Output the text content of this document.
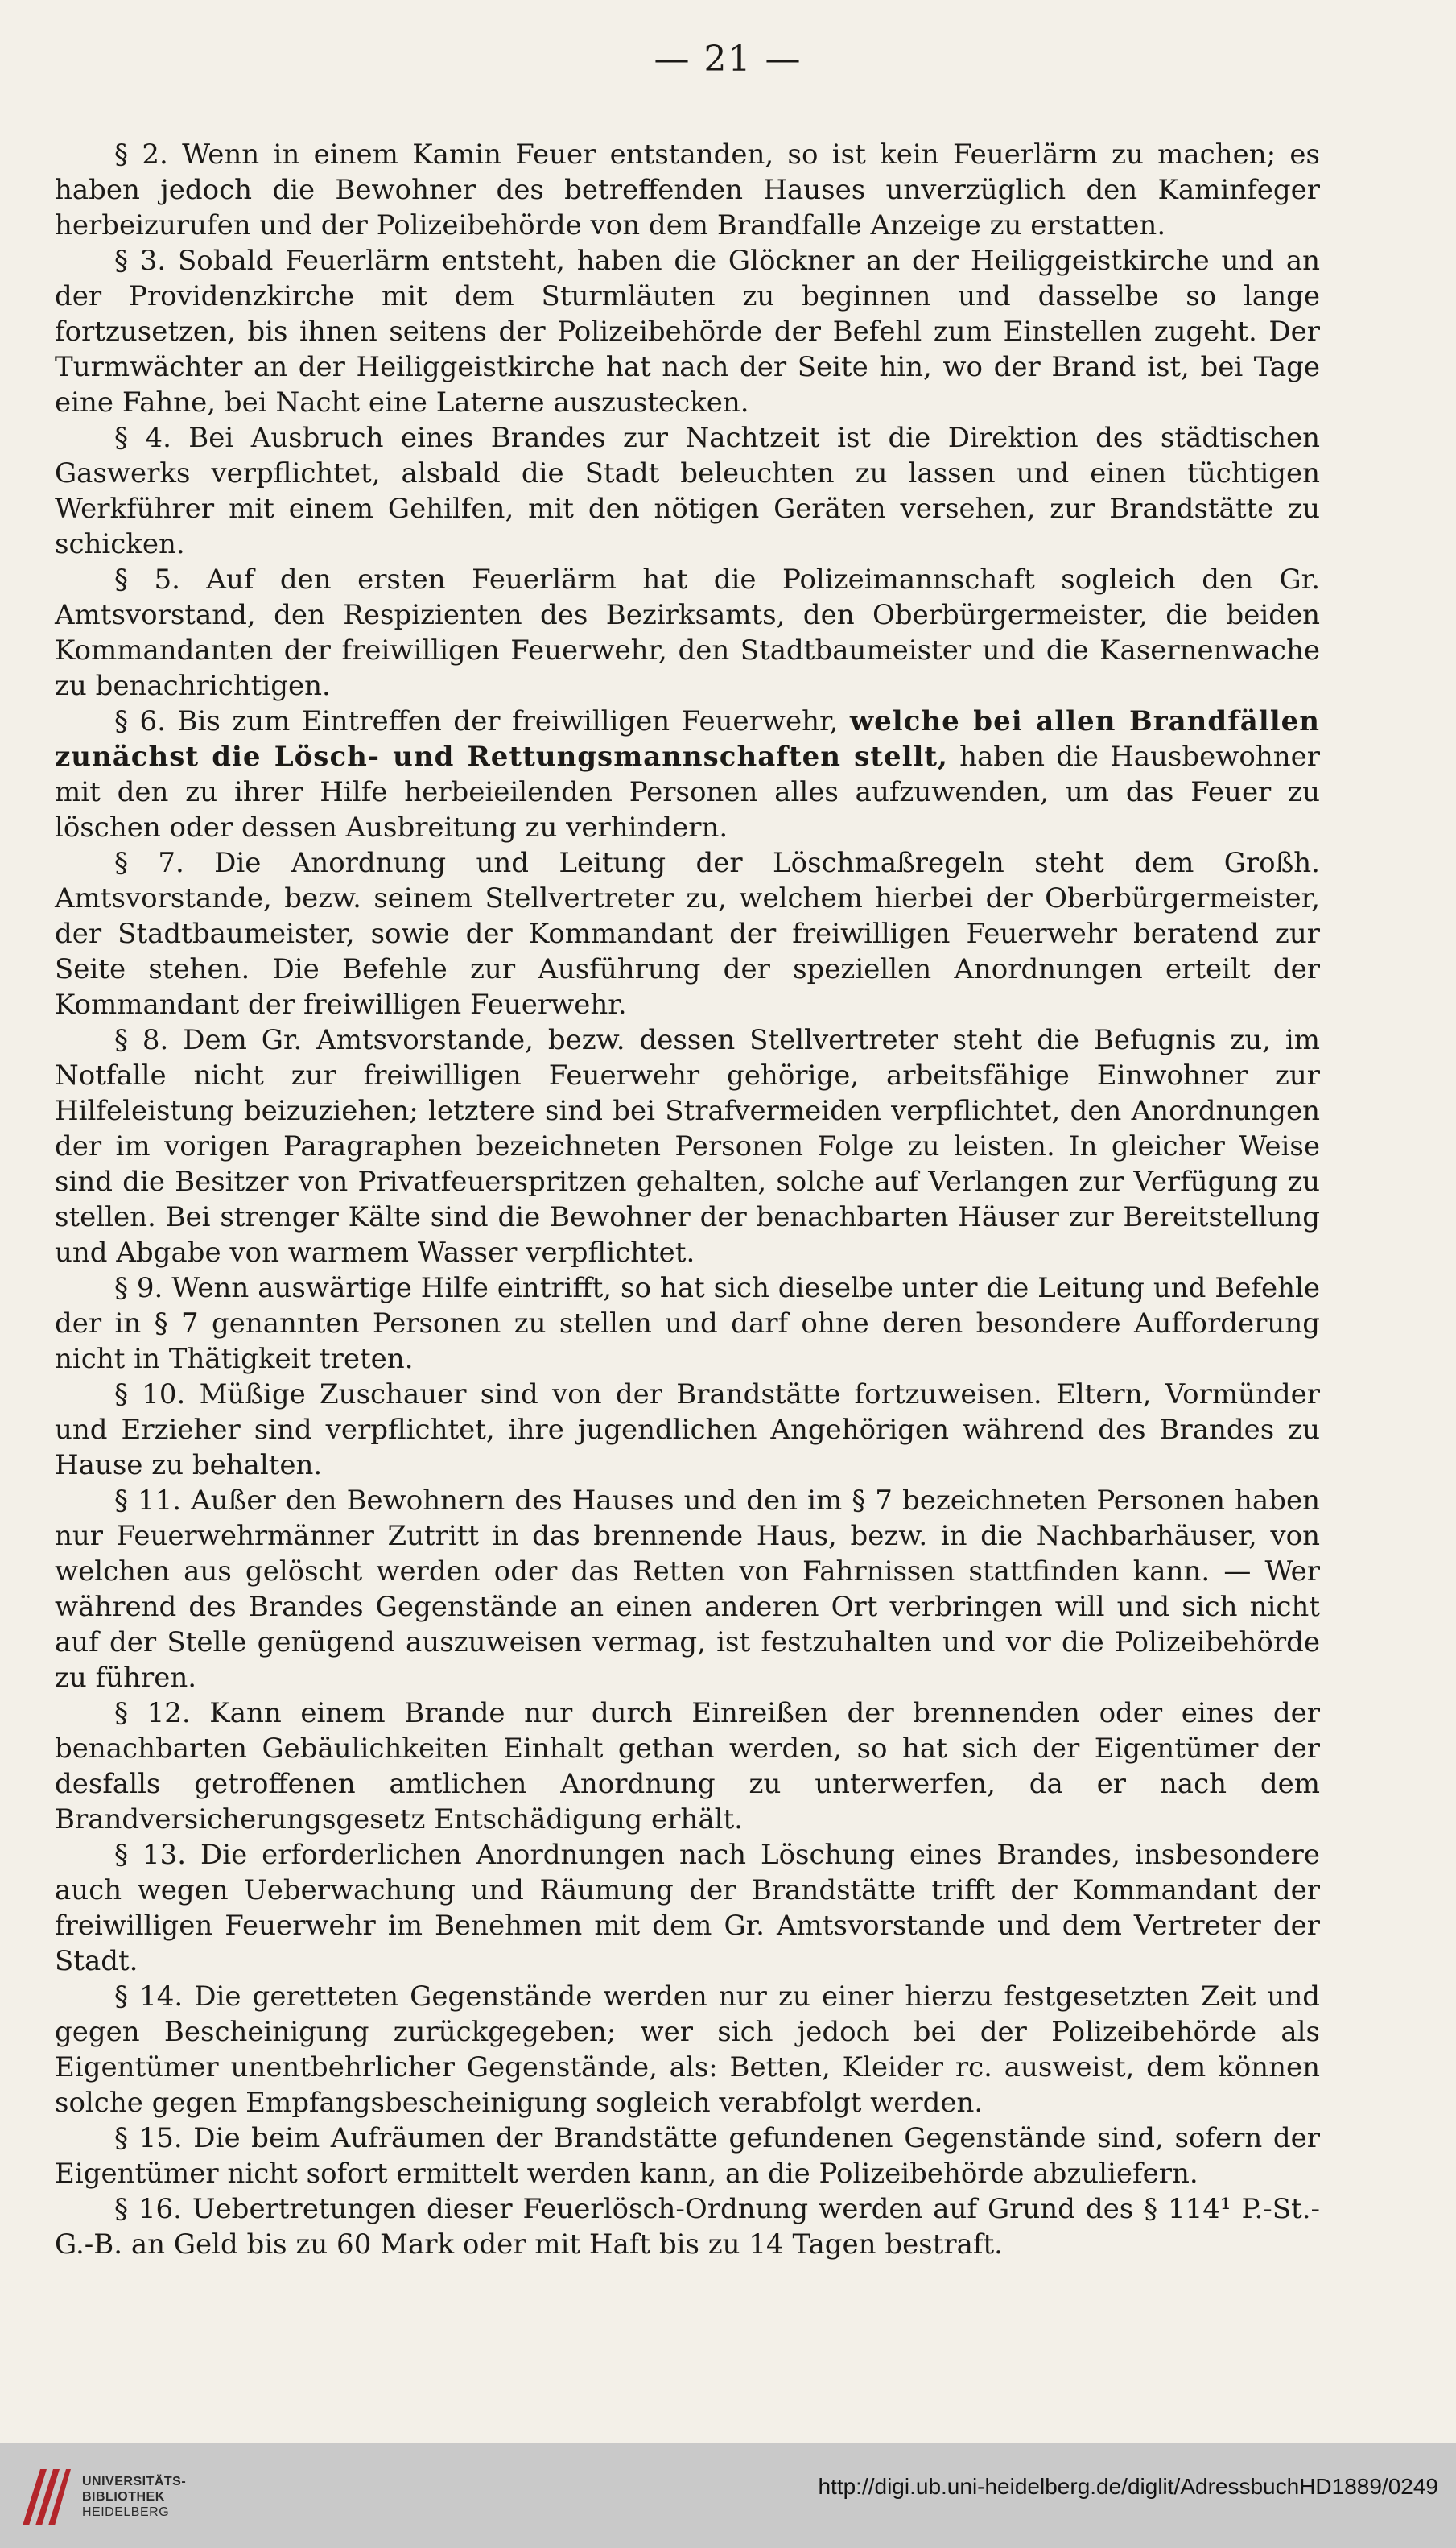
— 21 —

§ 2. Wenn in einem Kamin Feuer entstanden, so ist kein Feuerlärm zu machen; es haben jedoch die Bewohner des betreffenden Hauses unverzüglich den Kaminfeger herbeizurufen und der Polizeibehörde von dem Brandfalle Anzeige zu erstatten.

§ 3. Sobald Feuerlärm entsteht, haben die Glöckner an der Heiliggeistkirche und an der Providenzkirche mit dem Sturmläuten zu beginnen und dasselbe so lange fortzusetzen, bis ihnen seitens der Polizeibehörde der Befehl zum Einstellen zugeht. Der Turmwächter an der Heiliggeistkirche hat nach der Seite hin, wo der Brand ist, bei Tage eine Fahne, bei Nacht eine Laterne auszustecken.

§ 4. Bei Ausbruch eines Brandes zur Nachtzeit ist die Direktion des städtischen Gaswerks verpflichtet, alsbald die Stadt beleuchten zu lassen und einen tüchtigen Werkführer mit einem Gehilfen, mit den nötigen Geräten versehen, zur Brandstätte zu schicken.

§ 5. Auf den ersten Feuerlärm hat die Polizeimannschaft sogleich den Gr. Amtsvorstand, den Respizienten des Bezirksamts, den Oberbürgermeister, die beiden Kommandanten der freiwilligen Feuerwehr, den Stadtbaumeister und die Kasernenwache zu benachrichtigen.

§ 6. Bis zum Eintreffen der freiwilligen Feuerwehr, welche bei allen Brandfällen zunächst die Lösch- und Rettungsmannschaften stellt, haben die Hausbewohner mit den zu ihrer Hilfe herbeieilenden Personen alles aufzuwenden, um das Feuer zu löschen oder dessen Ausbreitung zu verhindern.

§ 7. Die Anordnung und Leitung der Löschmaßregeln steht dem Großh. Amtsvorstande, bezw. seinem Stellvertreter zu, welchem hierbei der Oberbürgermeister, der Stadtbaumeister, sowie der Kommandant der freiwilligen Feuerwehr beratend zur Seite stehen. Die Befehle zur Ausführung der speziellen Anordnungen erteilt der Kommandant der freiwilligen Feuerwehr.

§ 8. Dem Gr. Amtsvorstande, bezw. dessen Stellvertreter steht die Befugnis zu, im Notfalle nicht zur freiwilligen Feuerwehr gehörige, arbeitsfähige Einwohner zur Hilfeleistung beizuziehen; letztere sind bei Strafvermeiden verpflichtet, den Anordnungen der im vorigen Paragraphen bezeichneten Personen Folge zu leisten. In gleicher Weise sind die Besitzer von Privatfeuerspritzen gehalten, solche auf Verlangen zur Verfügung zu stellen. Bei strenger Kälte sind die Bewohner der benachbarten Häuser zur Bereitstellung und Abgabe von warmem Wasser verpflichtet.

§ 9. Wenn auswärtige Hilfe eintrifft, so hat sich dieselbe unter die Leitung und Befehle der in § 7 genannten Personen zu stellen und darf ohne deren besondere Aufforderung nicht in Thätigkeit treten.

§ 10. Müßige Zuschauer sind von der Brandstätte fortzuweisen. Eltern, Vormünder und Erzieher sind verpflichtet, ihre jugendlichen Angehörigen während des Brandes zu Hause zu behalten.

§ 11. Außer den Bewohnern des Hauses und den im § 7 bezeichneten Personen haben nur Feuerwehrmänner Zutritt in das brennende Haus, bezw. in die Nachbarhäuser, von welchen aus gelöscht werden oder das Retten von Fahrnissen stattfinden kann. — Wer während des Brandes Gegenstände an einen anderen Ort verbringen will und sich nicht auf der Stelle genügend auszuweisen vermag, ist festzuhalten und vor die Polizeibehörde zu führen.

§ 12. Kann einem Brande nur durch Einreißen der brennenden oder eines der benachbarten Gebäulichkeiten Einhalt gethan werden, so hat sich der Eigentümer der desfalls getroffenen amtlichen Anordnung zu unterwerfen, da er nach dem Brandversicherungsgesetz Entschädigung erhält.

§ 13. Die erforderlichen Anordnungen nach Löschung eines Brandes, insbesondere auch wegen Ueberwachung und Räumung der Brandstätte trifft der Kommandant der freiwilligen Feuerwehr im Benehmen mit dem Gr. Amtsvorstande und dem Vertreter der Stadt.

§ 14. Die geretteten Gegenstände werden nur zu einer hierzu festgesetzten Zeit und gegen Bescheinigung zurückgegeben; wer sich jedoch bei der Polizeibehörde als Eigentümer unentbehrlicher Gegenstände, als: Betten, Kleider rc. ausweist, dem können solche gegen Empfangsbescheinigung sogleich verabfolgt werden.

§ 15. Die beim Aufräumen der Brandstätte gefundenen Gegenstände sind, sofern der Eigentümer nicht sofort ermittelt werden kann, an die Polizeibehörde abzuliefern.

§ 16. Uebertretungen dieser Feuerlösch-Ordnung werden auf Grund des § 114¹ P.-St.-G.-B. an Geld bis zu 60 Mark oder mit Haft bis zu 14 Tagen bestraft.

UNIVERSITÄTS-
BIBLIOTHEK
HEIDELBERG
http://digi.ub.uni-heidelberg.de/diglit/AdressbuchHD1889/0249
